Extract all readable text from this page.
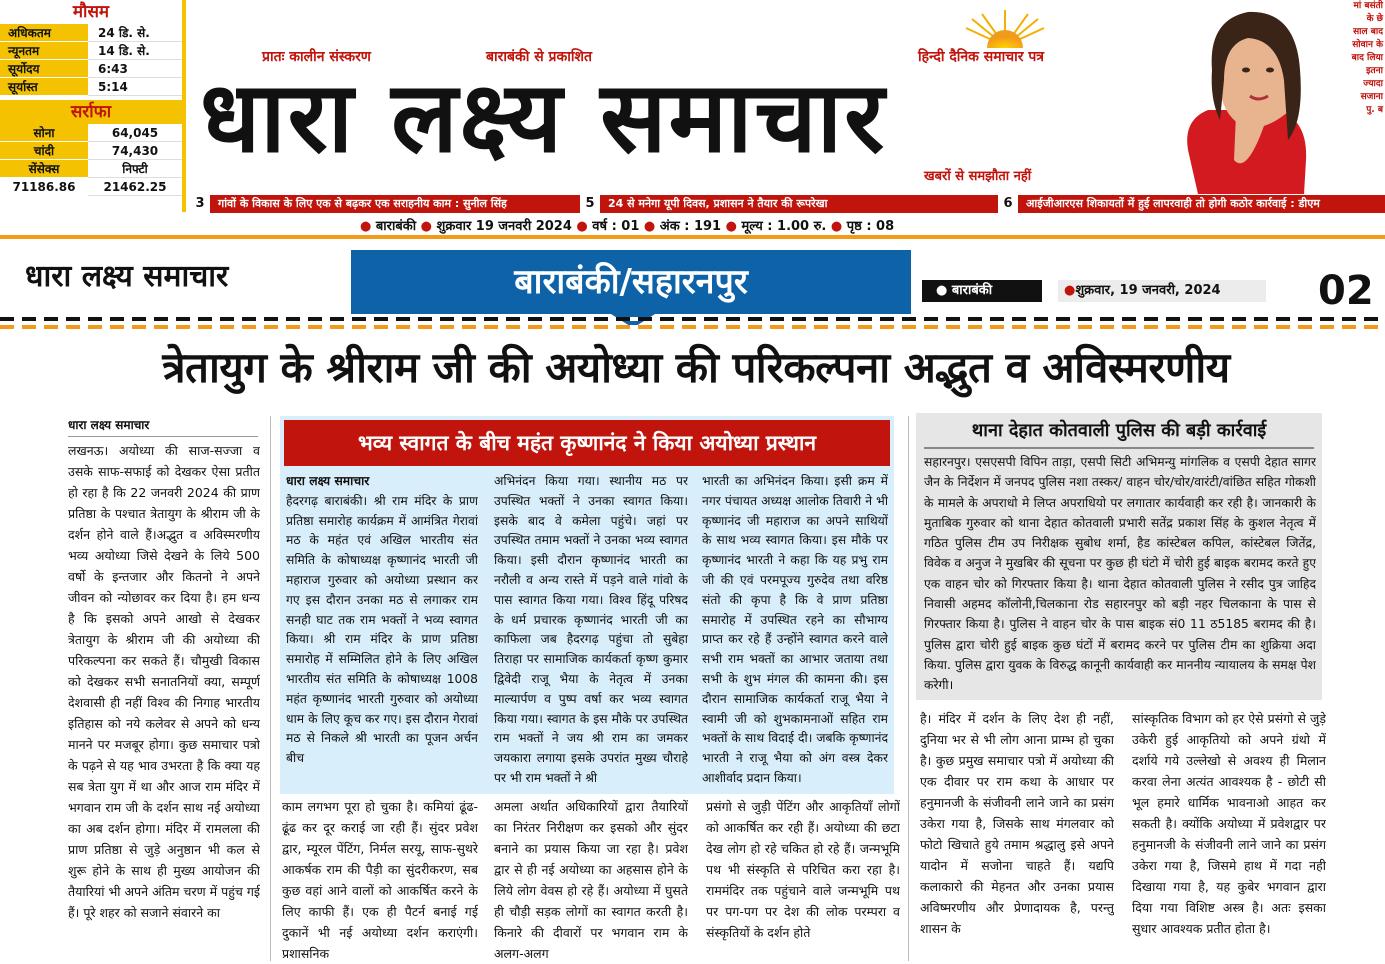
मौसम
अधिकतम	24 डि. से.
न्यूनतम	14 डि. से.
सूर्योदय	6:43
सूर्यास्त	5:14
सर्राफा
सोना	64,045
चांदी	74,430
सेंसेक्स	निफ्टी
71186.86	21462.25
प्रातः कालीन संस्करण	बाराबंकी से प्रकाशित	हिन्दी दैनिक समाचार पत्र
धारा लक्ष्य समाचार
खबरों से समझौता नहीं
मां बसंती
के छे
साल बाद
सोवान के
बाद लिया
इतना
ज्यादा
सजाना
पु. ब
3	गांवों के विकास के लिए एक से बढ़कर एक सराहनीय काम : सुनील सिंह	5	24 से मनेगा यूपी दिवस, प्रशासन ने तैयार की रूपरेखा	6	आईजीआरएस शिकायतों में हुई लापरवाही तो होगी कठोर कार्रवाई : डीएम
● बाराबंकी ● शुक्रवार 19 जनवरी 2024 ● वर्ष : 01 ● अंक : 191 ● मूल्य : 1.00 रु. ● पृष्ठ : 08
धारा लक्ष्य समाचार	बाराबंकी/सहारनपुर	● बाराबंकी	●शुक्रवार, 19 जनवरी, 2024	02
त्रेतायुग के श्रीराम जी की अयोध्या की परिकल्पना अद्भुत व अविस्मरणीय
धारा लक्ष्य समाचार
लखनऊ। अयोध्या की साज-सज्जा व उसके साफ-सफाई को देखकर ऐसा प्रतीत हो रहा है कि 22 जनवरी 2024 की प्राण प्रतिष्ठा के पश्चात त्रेतायुग के श्रीराम जी के दर्शन होने वाले हैं।अद्भुत व अविस्मरणीय भव्य अयोध्या जिसे देखने के लिये 500 वर्षो के इन्तजार और कितनो ने अपने जीवन को न्योछावर कर दिया है। हम धन्य है कि इसको अपने आखो से देखकर त्रेतायुग के श्रीराम जी की अयोध्या की परिकल्पना कर सकते हैं। चौमुखी विकास को देखकर सभी सनातनियों क्या, सम्पूर्ण देशवासी ही नहीं विश्व की निगाह भारतीय इतिहास को नये कलेवर से अपने को धन्य मानने पर मजबूर होगा। कुछ समाचार पत्रो के पढ़ने से यह भाव उभरता है कि क्या यह सब त्रेता युग में था और आज राम मंदिर में भगवान राम जी के दर्शन साथ नई अयोध्या का अब दर्शन होगा। मंदिर में रामलला की प्राण प्रतिष्ठा से जुड़े अनुष्ठान भी कल से शुरू होने के साथ ही मुख्य आयोजन की तैयारियां भी अपने अंतिम चरण में पहुंच गई हैं। पूरे शहर को सजाने संवारने का
काम लगभग पूरा हो चुका है। कमियां ढूंढ-ढूंढ कर दूर कराई जा रही हैं। सुंदर प्रवेश द्वार, म्यूरल पेंटिंग, निर्मल सरयू, साफ-सुथरे आकर्षक राम की पैड़ी का सुंदरीकरण, सब कुछ वहां आने वालों को आकर्षित करने के लिए काफी हैं। एक ही पैटर्न बनाई गई दुकानें भी नई अयोध्या दर्शन कराएंगी। प्रशासनिक
अमला अर्थात अधिकारियों द्वारा तैयारियों का निरंतर निरीक्षण कर इसको और सुंदर बनाने का प्रयास किया जा रहा है। प्रवेश द्वार से ही नई अयोध्या का अहसास होने के लिये लोग वेवस हो रहे हैं। अयोध्या में घुसते ही चौड़ी सड़क लोगों का स्वागत करती है। किनारे की दीवारों पर भगवान राम के अलग-अलग
प्रसंगो से जुड़ी पेंटिंग और आकृतियाँ लोगों को आकर्षित कर रही हैं। अयोध्या की छटा देख लोग हो रहे चकित हो रहे हैं। जन्मभूमि पथ भी संस्कृति से परिचित करा रहा है। राममंदिर तक पहुंचाने वाले जन्मभूमि पथ पर पग-पग पर देश की लोक परम्परा व संस्कृतियों के दर्शन होते
है। मंदिर में दर्शन के लिए देश ही नहीं, दुनिया भर से भी लोग आना प्राम्भ हो चुका है। कुछ प्रमुख समाचार पत्रो में अयोध्या की एक दीवार पर राम कथा के आधार पर हनुमानजी के संजीवनी लाने जाने का प्रसंग उकेरा गया है, जिसके साथ मंगलवार को फोटो खिचाते हुये तमाम श्रद्धालु इसे अपने यादोन में सजोना चाहते हैं। यद्यपि कलाकारो की मेहनत और उनका प्रयास अविष्मरणीय और प्रेणादायक है, परन्तु शासन के
सांस्कृतिक विभाग को हर ऐसे प्रसंगो से जुड़े उकेरी हुई आकृतियो को अपने ग्रंथो में दर्शाये गये उल्लेखो से अवश्य ही मिलान करवा लेना अत्यंत आवश्यक है - छोटी सी भूल हमारे धार्मिक भावनाओ आहत कर सकती है। क्योंकि अयोध्या में प्रवेशद्वार पर हनुमानजी के संजीवनी लाने जाने का प्रसंग उकेरा गया है, जिसमे हाथ में गदा नही दिखाया गया है, यह कुबेर भगवान द्वारा दिया गया विशिष्ट अस्त्र है। अतः इसका सुधार आवश्यक प्रतीत होता है।
भव्य स्वागत के बीच महंत कृष्णानंद ने किया अयोध्या प्रस्थान
धारा लक्ष्य समाचार
हैदरगढ़ बाराबंकी। श्री राम मंदिर के प्राण प्रतिष्ठा समारोह कार्यक्रम में आमंत्रित गेरावां मठ के महंत एवं अखिल भारतीय संत समिति के कोषाध्यक्ष कृष्णानंद भारती जी महाराज गुरुवार को अयोध्या प्रस्थान कर गए इस दौरान उनका मठ से लगाकर राम सनही घाट तक राम भक्तों ने भव्य स्वागत किया। श्री राम मंदिर के प्राण प्रतिष्ठा समारोह में सम्मिलित होने के लिए अखिल भारतीय संत समिति के कोषाध्यक्ष 1008 महंत कृष्णानंद भारती गुरुवार को अयोध्या धाम के लिए कूच कर गए। इस दौरान गेरावां मठ से निकले श्री भारती का पूजन अर्चन बीच
अभिनंदन किया गया। स्थानीय मठ पर उपस्थित भक्तों ने उनका स्वागत किया। इसके बाद वे कमेला पहुंचे। जहां पर उपस्थित तमाम भक्तों ने उनका भव्य स्वागत किया। इसी दौरान कृष्णानंद भारती का नरौली व अन्य रास्ते में पड़ने वाले गांवो के पास स्वागत किया गया। विश्व हिंदू परिषद के धर्म प्रचारक कृष्णानंद भारती जी का काफिला जब हैदरगढ़ पहुंचा तो सुबेहा तिराहा पर सामाजिक कार्यकर्ता कृष्ण कुमार द्विवेदी राजू भैया के नेतृत्व में उनका माल्यार्पण व पुष्प वर्षा कर भव्य स्वागत किया गया। स्वागत के इस मौके पर उपस्थित राम भक्तों ने जय श्री राम का जमकर जयकारा लगाया इसके उपरांत मुख्य चौराहे पर भी राम भक्तों ने श्री
भारती का अभिनंदन किया। इसी क्रम में नगर पंचायत अध्यक्ष आलोक तिवारी ने भी कृष्णानंद जी महाराज का अपने साथियों के साथ भव्य स्वागत किया। इस मौके पर कृष्णानंद भारती ने कहा कि यह प्रभु राम जी की एवं परमपूज्य गुरुदेव तथा वरिष्ठ संतो की कृपा है कि वे प्राण प्रतिष्ठा समारोह में उपस्थित रहने का सौभाग्य प्राप्त कर रहे हैं उन्होंने स्वागत करने वाले सभी राम भक्तों का आभार जताया तथा सभी के शुभ मंगल की कामना की। इस दौरान सामाजिक कार्यकर्ता राजू भैया ने स्वामी जी को शुभकामनाओं सहित राम भक्तों के साथ विदाई दी। जबकि कृष्णानंद भारती ने राजू भैया को अंग वस्त्र देकर आशीर्वाद प्रदान किया।
थाना देहात कोतवाली पुलिस की बड़ी कार्रवाई
सहारनपुर। एसएसपी विपिन ताड़ा, एसपी सिटी अभिमन्यु मांगलिक व एसपी देहात सागर जैन के निर्देशन में जनपद पुलिस नशा तस्कर/ वाहन चोर/चोर/वारंटी/वांछित सहित गोकशी के मामले के अपराधो मे लिप्त अपराधियो पर लगातार कार्यवाही कर रही है। जानकारी के मुताबिक गुरुवार को थाना देहात कोतवाली प्रभारी सतेंद्र प्रकाश सिंह के कुशल नेतृत्व में गठित पुलिस टीम उप निरीक्षक सुबोध शर्मा, हैड कांस्टेबल कपिल, कांस्टेबल जितेंद्र, विवेक व अनुज ने मुखबिर की सूचना पर कुछ ही घंटो में चोरी हुई बाइक बरामद करते हुए एक वाहन चोर को गिरफ्तार किया है। थाना देहात कोतवाली पुलिस ने रसीद पुत्र जाहिद निवासी अहमद कॉलोनी,चिलकाना रोड सहारनपुर को बड़ी नहर चिलकाना के पास से गिरफ्तार किया है। पुलिस ने वाहन चोर के पास बाइक सं0 11 ठ5185 बरामद की है। पुलिस द्वारा चोरी हुई बाइक कुछ घंटों में बरामद करने पर पुलिस टीम का शुक्रिया अदा किया. पुलिस द्वारा युवक के विरुद्ध कानूनी कार्यवाही कर माननीय न्यायालय के समक्ष पेश करेगी।
